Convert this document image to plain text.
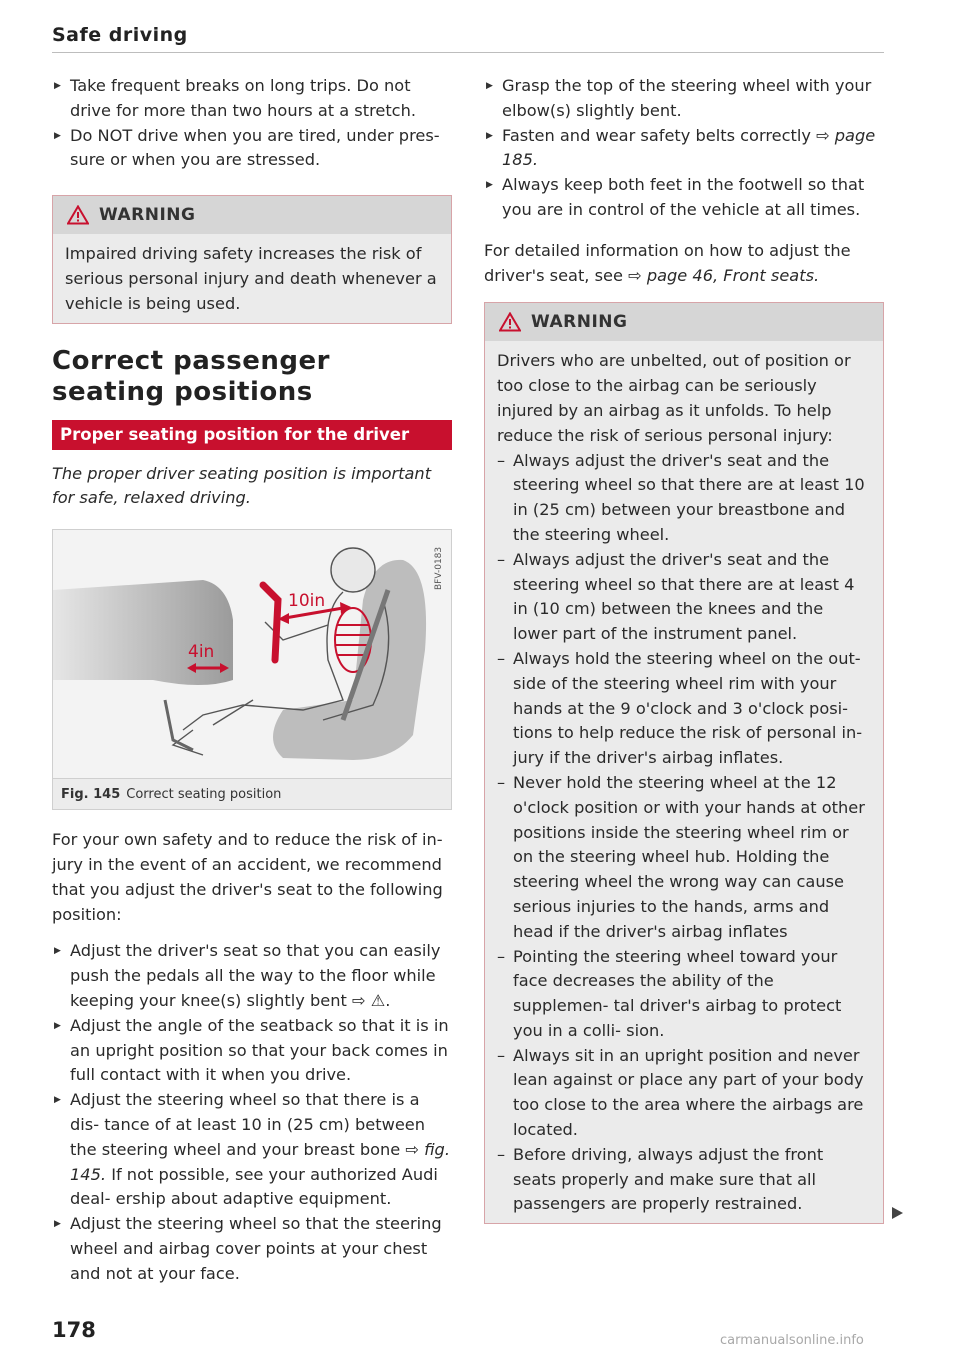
Safe driving
▶ Take frequent breaks on long trips. Do not drive for more than two hours at a stretch.
▶ Do NOT drive when you are tired, under pres- sure or when you are stressed.
WARNING

Impaired driving safety increases the risk of serious personal injury and death whenever a vehicle is being used.

Correct passenger seating positions
Proper seating position for the driver

The proper driver seating position is important for safe, relaxed driving.

10in
4in
BFV-0183
Fig. 145 Correct seating position

For your own safety and to reduce the risk of in- jury in the event of an accident, we recommend that you adjust the driver's seat to the following position:

▶ Adjust the driver's seat so that you can easily push the pedals all the way to the floor while keeping your knee(s) slightly bent ⇨ ⚠.
▶ Adjust the angle of the seatback so that it is in an upright position so that your back comes in full contact with it when you drive.
▶ Adjust the steering wheel so that there is a dis- tance of at least 10 in (25 cm) between the steering wheel and your breast bone ⇨ fig. 145. If not possible, see your authorized Audi deal- ership about adaptive equipment.
▶ Adjust the steering wheel so that the steering wheel and airbag cover points at your chest and not at your face.
▶ Grasp the top of the steering wheel with your elbow(s) slightly bent.
▶ Fasten and wear safety belts correctly ⇨ page 185.
▶ Always keep both feet in the footwell so that you are in control of the vehicle at all times.

For detailed information on how to adjust the driver's seat, see ⇨ page 46, Front seats.

WARNING

Drivers who are unbelted, out of position or too close to the airbag can be seriously injured by an airbag as it unfolds. To help reduce the risk of serious personal injury:

– Always adjust the driver's seat and the steering wheel so that there are at least 10 in (25 cm) between your breastbone and the steering wheel.
– Always adjust the driver's seat and the steering wheel so that there are at least 4 in (10 cm) between the knees and the lower part of the instrument panel.
– Always hold the steering wheel on the out- side of the steering wheel rim with your hands at the 9 o'clock and 3 o'clock posi- tions to help reduce the risk of personal in- jury if the driver's airbag inflates.
– Never hold the steering wheel at the 12 o'clock position or with your hands at other positions inside the steering wheel rim or on the steering wheel hub. Holding the steering wheel the wrong way can cause serious injuries to the hands, arms and head if the driver's airbag inflates
– Pointing the steering wheel toward your face decreases the ability of the supplemen- tal driver's airbag to protect you in a colli- sion.
– Always sit in an upright position and never lean against or place any part of your body too close to the area where the airbags are located.
– Before driving, always adjust the front seats properly and make sure that all passengers are properly restrained.
178	carmanualsonline.info
